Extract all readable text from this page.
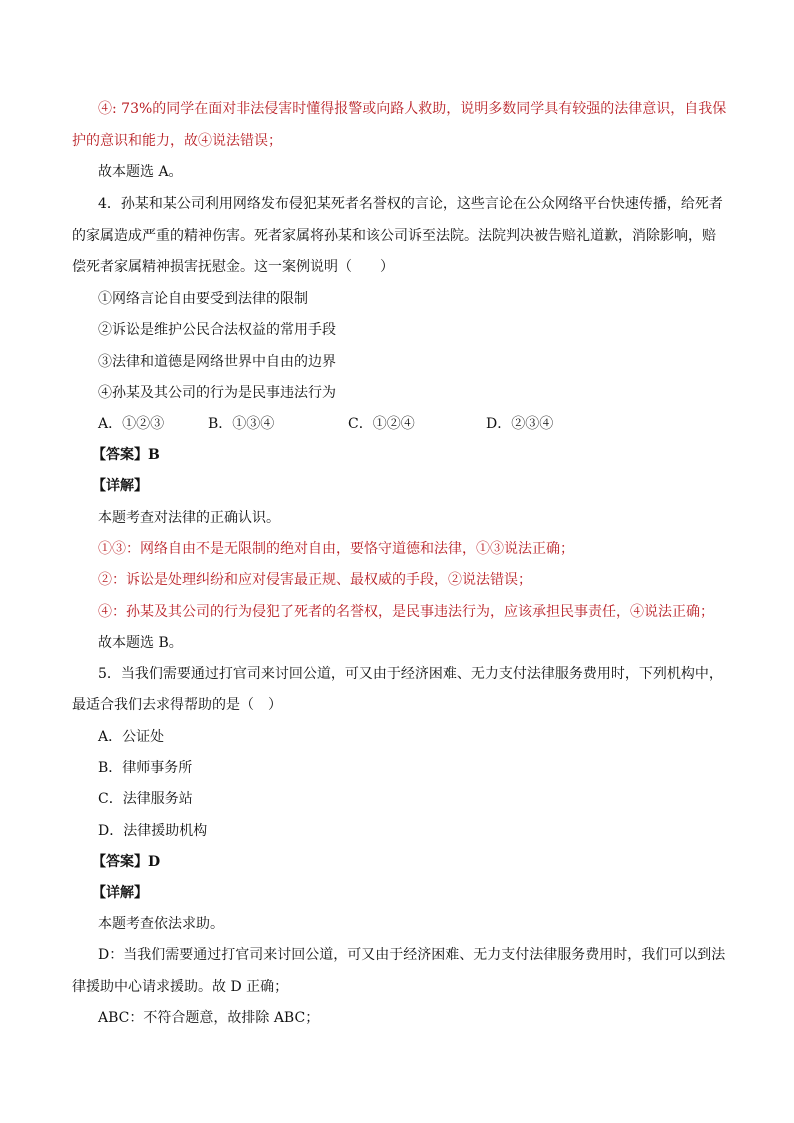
④: 73%的同学在面对非法侵害时懂得报警或向路人救助，说明多数同学具有较强的法律意识，自我保
护的意识和能力，故④说法错误；
故本题选 A。
4．孙某和某公司利用网络发布侵犯某死者名誉权的言论，这些言论在公众网络平台快速传播，给死者
的家属造成严重的精神伤害。死者家属将孙某和该公司诉至法院。法院判决被告赔礼道歉，消除影响，赔
偿死者家属精神损害抚慰金。这一案例说明（　　）
①网络言论自由要受到法律的限制
②诉讼是维护公民合法权益的常用手段
③法律和道德是网络世界中自由的边界
④孙某及其公司的行为是民事违法行为
A．①②③	B．①③④	C．①②④	D．②③④
【答案】B
【详解】
本题考查对法律的正确认识。
①③：网络自由不是无限制的绝对自由，要恪守道德和法律，①③说法正确；
②：诉讼是处理纠纷和应对侵害最正规、最权威的手段，②说法错误；
④：孙某及其公司的行为侵犯了死者的名誉权，是民事违法行为，应该承担民事责任，④说法正确；
故本题选 B。
5．当我们需要通过打官司来讨回公道，可又由于经济困难、无力支付法律服务费用时，下列机构中，
最适合我们去求得帮助的是（　）
A．公证处
B．律师事务所
C．法律服务站
D．法律援助机构
【答案】D
【详解】
本题考查依法求助。
D：当我们需要通过打官司来讨回公道，可又由于经济困难、无力支付法律服务费用时，我们可以到法
律援助中心请求援助。故 D 正确；
ABC：不符合题意，故排除 ABC；
